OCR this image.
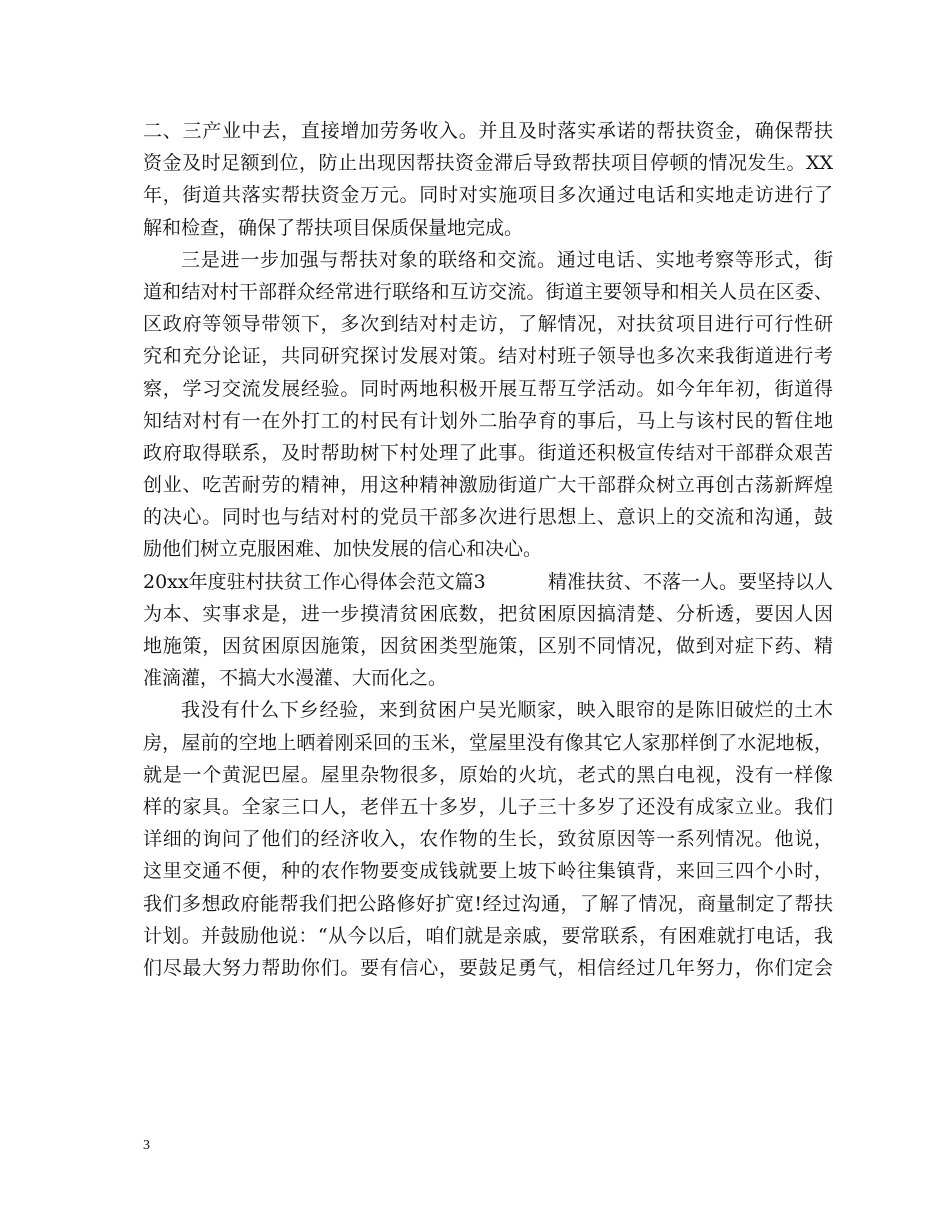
二、三产业中去，直接增加劳务收入。并且及时落实承诺的帮扶资金，确保帮扶
资金及时足额到位，防止出现因帮扶资金滞后导致帮扶项目停顿的情况发生。XX
年，街道共落实帮扶资金万元。同时对实施项目多次通过电话和实地走访进行了
解和检查，确保了帮扶项目保质保量地完成。
三是进一步加强与帮扶对象的联络和交流。通过电话、实地考察等形式，街
道和结对村干部群众经常进行联络和互访交流。街道主要领导和相关人员在区委、
区政府等领导带领下，多次到结对村走访，了解情况，对扶贫项目进行可行性研
究和充分论证，共同研究探讨发展对策。结对村班子领导也多次来我街道进行考
察，学习交流发展经验。同时两地积极开展互帮互学活动。如今年年初，街道得
知结对村有一在外打工的村民有计划外二胎孕育的事后，马上与该村民的暂住地
政府取得联系，及时帮助树下村处理了此事。街道还积极宣传结对干部群众艰苦
创业、吃苦耐劳的精神，用这种精神激励街道广大干部群众树立再创古荡新辉煌
的决心。同时也与结对村的党员干部多次进行思想上、意识上的交流和沟通，鼓
励他们树立克服困难、加快发展的信心和决心。
20xx年度驻村扶贫工作心得体会范文篇3	精准扶贫、不落一人。要坚持以人
为本、实事求是，进一步摸清贫困底数，把贫困原因搞清楚、分析透，要因人因
地施策，因贫困原因施策，因贫困类型施策，区别不同情况，做到对症下药、精
准滴灌，不搞大水漫灌、大而化之。
我没有什么下乡经验，来到贫困户吴光顺家，映入眼帘的是陈旧破烂的土木
房，屋前的空地上晒着刚采回的玉米，堂屋里没有像其它人家那样倒了水泥地板，
就是一个黄泥巴屋。屋里杂物很多，原始的火坑，老式的黑白电视，没有一样像
样的家具。全家三口人，老伴五十多岁，儿子三十多岁了还没有成家立业。我们
详细的询问了他们的经济收入，农作物的生长，致贫原因等一系列情况。他说，
这里交通不便，种的农作物要变成钱就要上坡下岭往集镇背，来回三四个小时，
我们多想政府能帮我们把公路修好扩宽!经过沟通，了解了情况，商量制定了帮扶
计划。并鼓励他说：“从今以后，咱们就是亲戚，要常联系，有困难就打电话，我
们尽最大努力帮助你们。要有信心，要鼓足勇气，相信经过几年努力，你们定会
3
